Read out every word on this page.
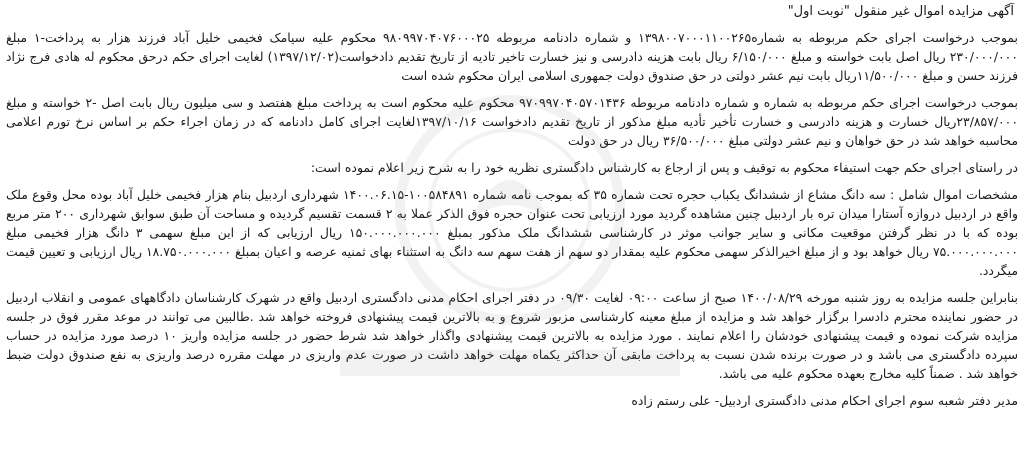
آگهی مزایده اموال غیر منقول "نوبت اول"

بموجب درخواست اجرای حکم مربوطه به شماره۱۳۹۸۰۰۷۰۰۰۱۱۰۰۲۶۵ و شماره دادنامه مربوطه ۹۸۰۹۹۷۰۴۰۷۶۰۰۰۲۵ محکوم علیه سیامک فخیمی خلیل آباد فرزند هزار به پرداخت-۱ مبلغ ۲۳۰/۰۰۰/۰۰۰ ریال اصل بابت خواسته و مبلغ ۶/۱۵۰/۰۰۰ ریال بابت هزینه دادرسی و نیز خسارت تاخیر تادیه از تاریخ تقدیم دادخواست(۱۳۹۷/۱۲/۰۲) لغایت اجرای حکم درحق محکوم له هادی فرج نژاد فرزند حسن و مبلغ ۱۱/۵۰۰/۰۰۰ریال بابت نیم عشر دولتی در حق صندوق دولت جمهوری اسلامی ایران محکوم شده است

بموجب درخواست اجرای حکم مربوطه به شماره و شماره دادنامه مربوطه ۹۷۰۹۹۷۰۴۰۵۷۰۱۴۳۶ محکوم علیه محکوم است به پرداخت مبلغ هفتصد و سی میلیون ریال بابت اصل -۲ خواسته و مبلغ ۲۳/۸۵۷/۰۰۰ریال خسارت و هزینه دادرسی و خسارت تأخیر تأدیه مبلغ مذکور از تاریخ تقدیم دادخواست ۱۳۹۷/۱۰/۱۶لغایت اجرای کامل دادنامه که در زمان اجراء حکم بر اساس نرخ تورم اعلامی محاسبه خواهد شد در حق خواهان و نیم عشر دولتی مبلغ ۳۶/۵۰۰/۰۰۰ ریال در حق دولت

در راستای اجرای حکم جهت استیفاء محکوم به توقیف و پس از ارجاع به کارشناس دادگستری نظریه خود را به شرح زیر اعلام نموده است:

مشخصات اموال شامل : سه دانگ مشاع از ششدانگ یکباب حجره تحت شماره ۳۵ که بموجب نامه شماره ۱۰۰۵۸۴۸۹۱-۱۴۰۰.۰۶.۱۵ شهرداری اردبیل بنام هزار فخیمی خلیل آباد بوده محل وقوع ملک واقع در اردبیل دروازه آستارا میدان تره بار اردبیل چنین مشاهده گردید مورد ارزیابی تحت عنوان حجره فوق الذکر عملا به ۲ قسمت تقسیم گردیده و مساحت آن طبق سوابق شهرداری ۲۰۰ متر مربع بوده که با در نظر گرفتن موقعیت مکانی و سایر جوانب موثر در کارشناسی ششدانگ ملک مذکور بمبلغ ۱۵۰.۰۰۰.۰۰۰.۰۰۰ ریال ارزیابی که از این مبلغ سهمی ۳ دانگ هزار فخیمی مبلغ ۷۵.۰۰۰.۰۰۰.۰۰۰ ریال خواهد بود و از مبلغ اخیرالذکر سهمی محکوم علیه بمقدار دو سهم از هفت سهم سه دانگ به استثناء بهای ثمنیه عرصه و اعیان بمبلغ ۱۸.۷۵۰.۰۰۰.۰۰۰ ریال ارزیابی و تعیین قیمت میگردد.

بنابراین جلسه مزایده به روز شنبه مورخه ۱۴۰۰/۰۸/۲۹ صبح از ساعت ۰۹:۰۰ لغایت ۰۹/۳۰ در دفتر اجرای احکام مدنی دادگستری اردبیل واقع در شهرک کارشناسان دادگاههای عمومی و انقلاب اردبیل در حضور نماینده محترم دادسرا برگزار خواهد شد و مزایده از مبلغ معینه کارشناسی مزبور شروع و به بالاترین قیمت پیشنهادی فروخته خواهد شد .طالبین می توانند در موعد مقرر فوق در جلسه مزایده شرکت نموده و قیمت پیشنهادی خودشان را اعلام نمایند . مورد مزایده به بالاترین قیمت پیشنهادی واگذار خواهد شد شرط حضور در جلسه مزایده واریز ۱۰ درصد مورد مزایده در حساب سپرده دادگستری می باشد و در صورت برنده شدن نسبت به پرداخت مابقی آن حداکثر یکماه مهلت خواهد داشت در صورت عدم واریزی در مهلت مقرره درصد واریزی به نفع صندوق دولت ضبط خواهد شد . ضمناً کلیه مخارج بعهده محکوم علیه می باشد.

مدیر دفتر شعبه سوم اجرای احکام مدنی دادگستری اردبیل- علی رستم زاده
